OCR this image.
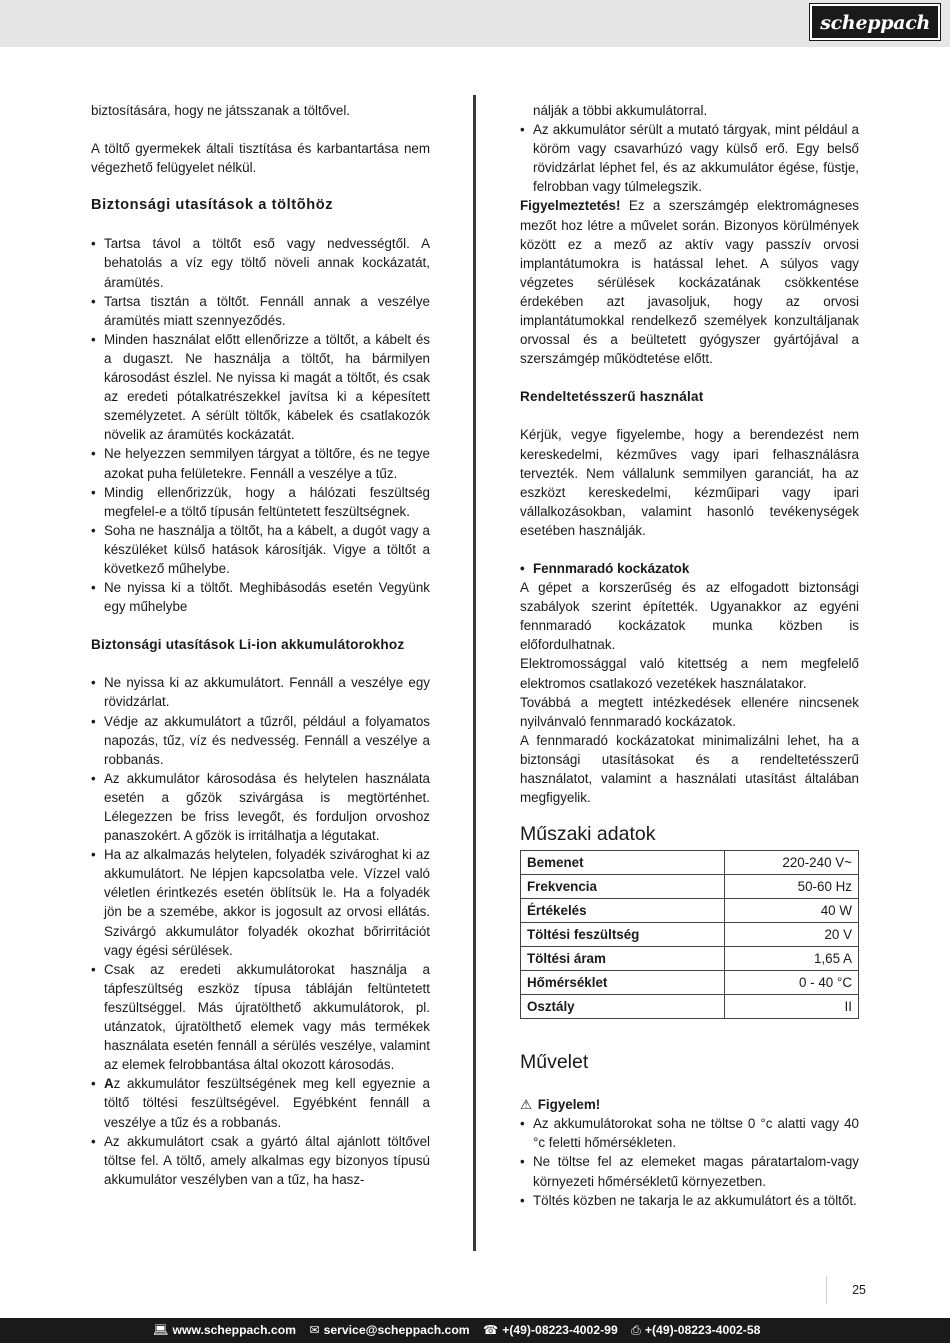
scheppach

biztosítására, hogy ne játsszanak a töltővel.

A töltő gyermekek általi tisztítása és karbantartása nem végezhető felügyelet nélkül.

Biztonsági utasítások a töltõhöz

• Tartsa távol a töltőt eső vagy nedvességtől. A behatolás a víz egy töltő növeli annak kockázatát, áramütés.
• Tartsa tisztán a töltőt. Fennáll annak a veszélye áramütés miatt szennyeződés.
• Minden használat előtt ellenőrizze a töltőt, a kábelt és a dugaszt. Ne használja a töltőt, ha bármilyen károsodást észlel. Ne nyissa ki magát a töltőt, és csak az eredeti pótalkatrészekkel javítsa ki a képesített személyzetet. A sérült töltők, kábelek és csatlakozók növelik az áramütés kockázatát.
• Ne helyezzen semmilyen tárgyat a töltőre, és ne tegye azokat puha felületekre. Fennáll a veszélye a tűz.
• Mindig ellenőrizzük, hogy a hálózati feszültség megfelel-e a töltő típusán feltüntetett feszültségnek.
• Soha ne használja a töltőt, ha a kábelt, a dugót vagy a készüléket külső hatások károsítják. Vigye a töltőt a következő műhelybe.
• Ne nyissa ki a töltőt. Meghibásodás esetén Vegyünk egy műhelybe

Biztonsági utasítások Li-ion akkumulátorokhoz

• Ne nyissa ki az akkumulátort. Fennáll a veszélye egy rövidzárlat.
• Védje az akkumulátort a tűzről, például a folyamatos napozás, tűz, víz és nedvesség. Fennáll a veszélye a robbanás.
• Az akkumulátor károsodása és helytelen használata esetén a gőzök szivárgása is megtörténhet. Lélegezzen be friss levegőt, és forduljon orvoshoz panaszokért. A gőzök is irritálhatja a légutakat.
• Ha az alkalmazás helytelen, folyadék szivároghat ki az akkumulátort. Ne lépjen kapcsolatba vele. Vízzel való véletlen érintkezés esetén öblítsük le. Ha a folyadék jön be a szemébe, akkor is jogosult az orvosi ellátás. Szivárgó akkumulátor folyadék okozhat bőrirritációt vagy égési sérülések.
• Csak az eredeti akkumulátorokat használja a tápfeszültség eszköz típusa tábláján feltüntetett feszültséggel. Más újratölthető akkumulátorok, pl. utánzatok, újratölthető elemek vagy más termékek használata esetén fennáll a sérülés veszélye, valamint az elemek felrobbantása által okozott károsodás.
• Az akkumulátor feszültségének meg kell egyeznie a töltő töltési feszültségével. Egyébként fennáll a veszélye a tűz és a robbanás.
• Az akkumulátort csak a gyártó által ajánlott töltővel töltse fel. A töltő, amely alkalmas egy bizonyos típusú akkumulátor veszélyben van a tűz, ha hasz-

nálják a többi akkumulátorral.

• Az akkumulátor sérült a mutató tárgyak, mint például a köröm vagy csavarhúzó vagy külső erő. Egy belső rövidzárlat léphet fel, és az akkumulátor égése, füstje, felrobban vagy túlmelegszik.

Figyelmeztetés! Ez a szerszámgép elektromágneses mezőt hoz létre a művelet során. Bizonyos körülmények között ez a mező az aktív vagy passzív orvosi implantátumokra is hatással lehet. A súlyos vagy végzetes sérülések kockázatának csökkentése érdekében azt javasoljuk, hogy az orvosi implantátumokkal rendelkező személyek konzultáljanak orvossal és a beültetett gyógyszer gyártójával a szerszámgép működtetése előtt.

Rendeltetésszerű használat

Kérjük, vegye figyelembe, hogy a berendezést nem kereskedelmi, kézműves vagy ipari felhasználásra tervezték. Nem vállalunk semmilyen garanciát, ha az eszközt kereskedelmi, kézműipari vagy ipari vállalkozásokban, valamint hasonló tevékenységek esetében használják.

• Fennmaradó kockázatok

A gépet a korszerűség és az elfogadott biztonsági szabályok szerint építették. Ugyanakkor az egyéni fennmaradó kockázatok munka közben is előfordulhatnak.

Elektromossággal való kitettség a nem megfelelő elektromos csatlakozó vezetékek használatakor.

Továbbá a megtett intézkedések ellenére nincsenek nyilvánvaló fennmaradó kockázatok.

A fennmaradó kockázatokat minimalizálni lehet, ha a biztonsági utasításokat és a rendeltetésszerű használatot, valamint a használati utasítást általában megfigyelik.

Műszaki adatok
Bemenet	220-240 V~
Frekvencia	50-60 Hz
Értékelés	40 W
Töltési feszültség	20 V
Töltési áram	1,65 A
Hőmérséklet	0 - 40 °C
Osztály	II
Művelet

⚠ Figyelem!

• Az akkumulátorokat soha ne töltse 0 °c alatti vagy 40 °c feletti hőmérsékleten.
• Ne töltse fel az elemeket magas páratartalom-vagy környezeti hőmérsékletű környezetben.
• Töltés közben ne takarja le az akkumulátort és a töltőt.
25
💻︎ www.scheppach.com ✉︎ service@scheppach.com ☎︎ +(49)-08223-4002-99 ⎙ +(49)-08223-4002-58
